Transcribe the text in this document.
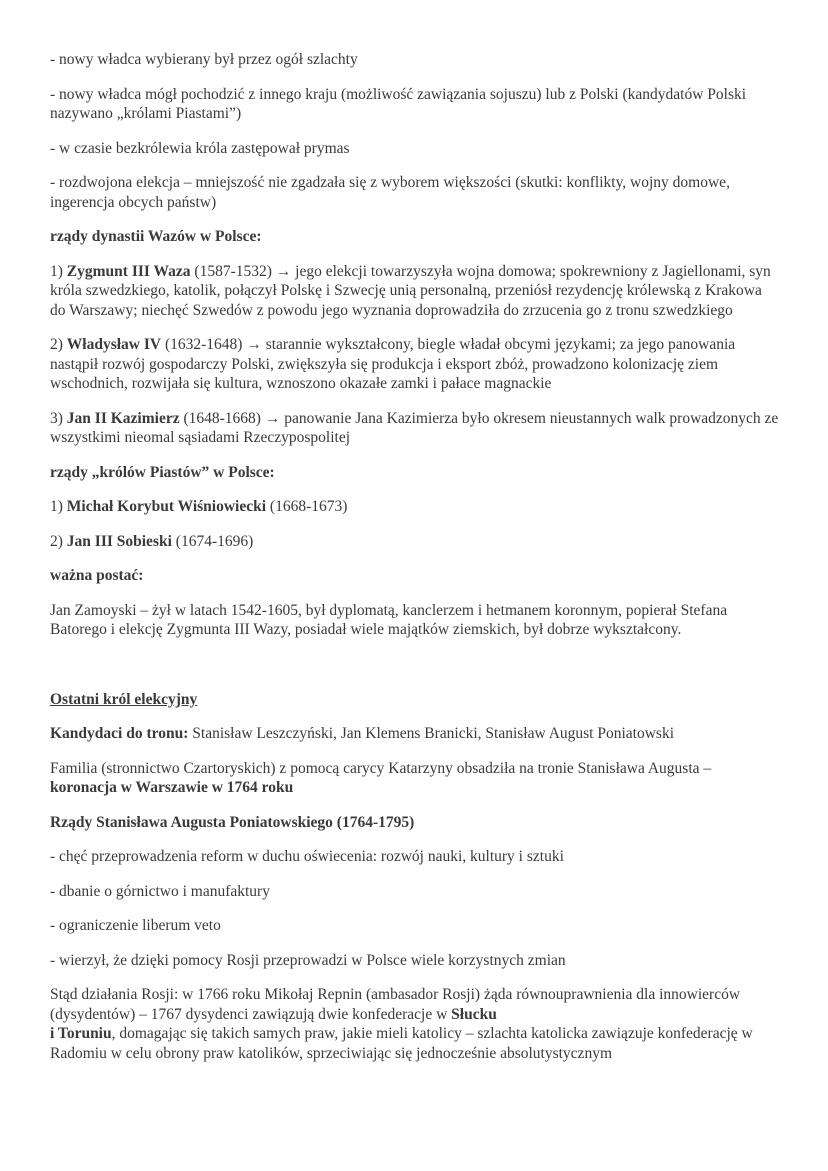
- nowy władca wybierany był przez ogół szlachty

- nowy władca mógł pochodzić z innego kraju (możliwość zawiązania sojuszu) lub z Polski (kandydatów Polski nazywano „królami Piastami”)

- w czasie bezkrólewia króla zastępował prymas

- rozdwojona elekcja – mniejszość nie zgadzała się z wyborem większości (skutki: konflikty, wojny domowe, ingerencja obcych państw)

rządy dynastii Wazów w Polsce:

1) Zygmunt III Waza (1587-1532) → jego elekcji towarzyszyła wojna domowa; spokrewniony z Jagiellonami, syn króla szwedzkiego, katolik, połączył Polskę i Szwecję unią personalną, przeniósł rezydencję królewską z Krakowa do Warszawy; niechęć Szwedów z powodu jego wyznania doprowadziła do zrzucenia go z tronu szwedzkiego

2) Władysław IV (1632-1648) → starannie wykształcony, biegle władał obcymi językami; za jego panowania nastąpił rozwój gospodarczy Polski, zwiększyła się produkcja i eksport zbóż, prowadzono kolonizację ziem wschodnich, rozwijała się kultura, wznoszono okazałe zamki i pałace magnackie

3) Jan II Kazimierz (1648-1668) → panowanie Jana Kazimierza było okresem nieustannych walk prowadzonych ze wszystkimi nieomal sąsiadami Rzeczypospolitej

rządy „królów Piastów” w Polsce:

1) Michał Korybut Wiśniowiecki (1668-1673)

2) Jan III Sobieski (1674-1696)

ważna postać:

Jan Zamoyski – żył w latach 1542-1605, był dyplomatą, kanclerzem i hetmanem koronnym, popierał Stefana Batorego i elekcję Zygmunta III Wazy, posiadał wiele majątków ziemskich, był dobrze wykształcony.

Ostatni król elekcyjny

Kandydaci do tronu: Stanisław Leszczyński, Jan Klemens Branicki, Stanisław August Poniatowski

Familia (stronnictwo Czartoryskich) z pomocą carycy Katarzyny obsadziła na tronie Stanisława Augusta – koronacja w Warszawie w 1764 roku

Rządy Stanisława Augusta Poniatowskiego (1764-1795)

- chęć przeprowadzenia reform w duchu oświecenia: rozwój nauki, kultury i sztuki

- dbanie o górnictwo i manufaktury

- ograniczenie liberum veto

- wierzył, że dzięki pomocy Rosji przeprowadzi w Polsce wiele korzystnych zmian

Stąd działania Rosji: w 1766 roku Mikołaj Repnin (ambasador Rosji) żąda równouprawnienia dla innowierców (dysydentów) – 1767 dysydenci zawiązują dwie konfederacje w Słucku
i Toruniu, domagając się takich samych praw, jakie mieli katolicy – szlachta katolicka zawiązuje konfederację w Radomiu w celu obrony praw katolików, sprzeciwiając się jednocześnie absolutystycznym
